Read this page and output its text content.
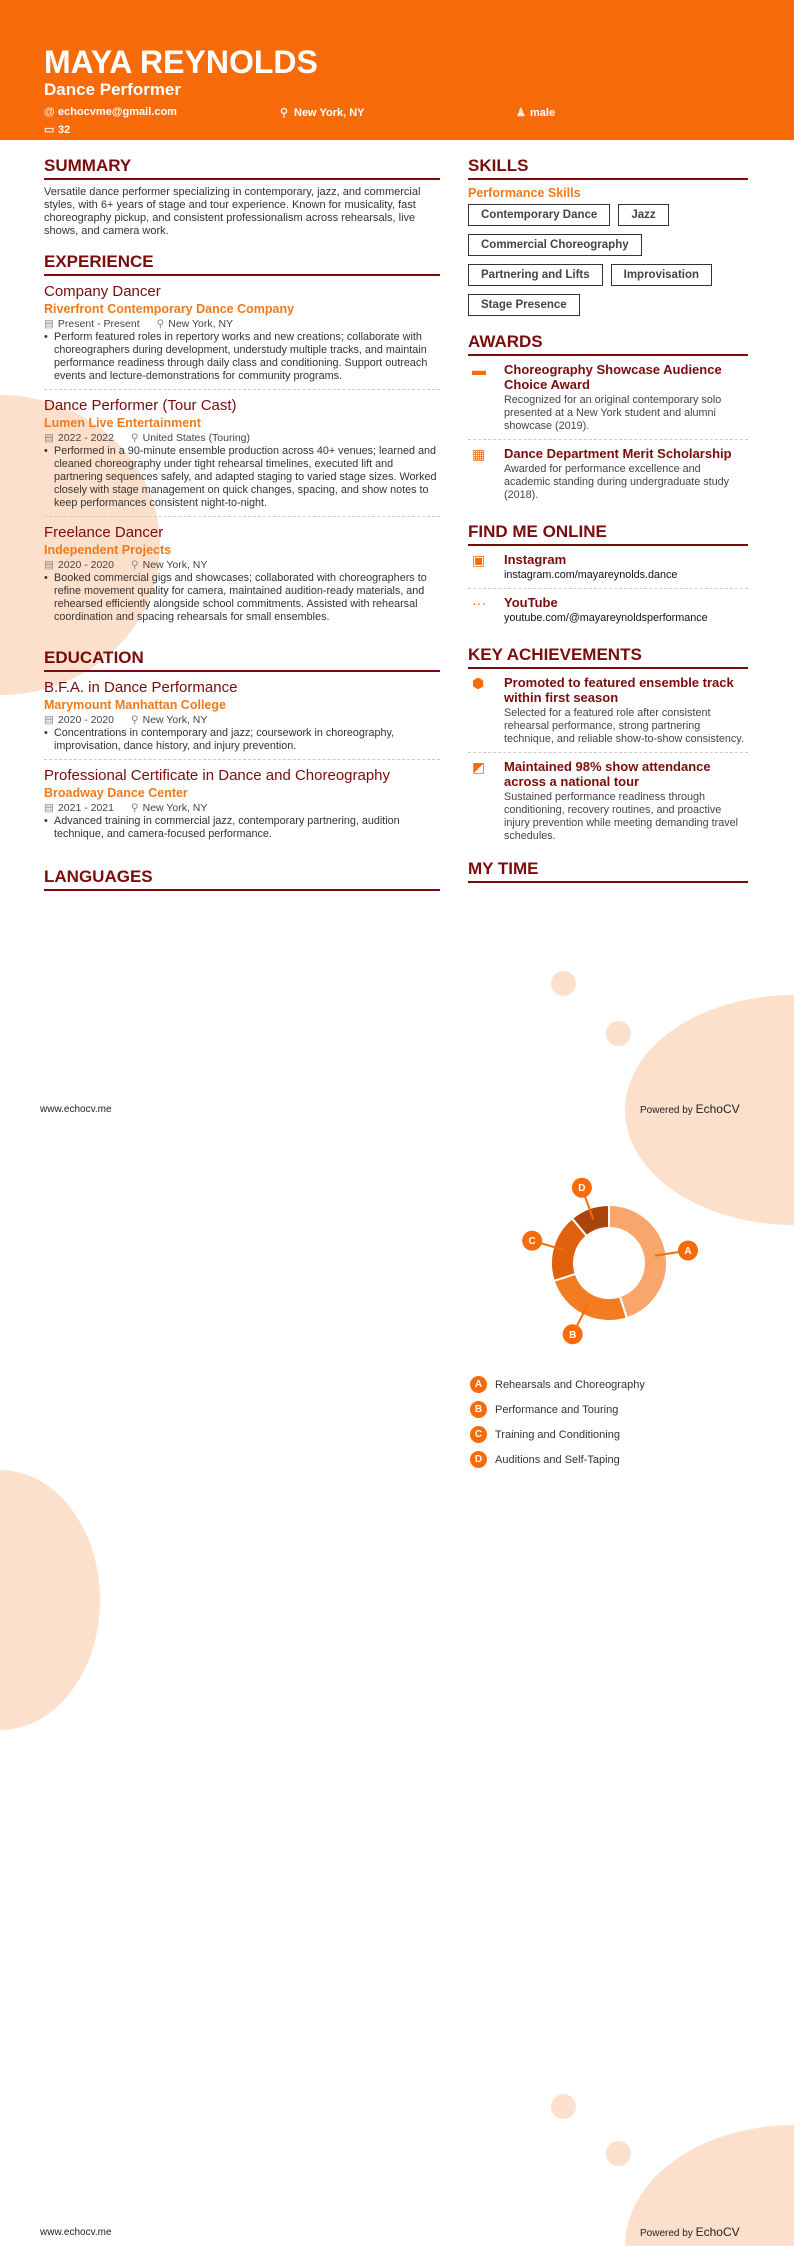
MAYA REYNOLDS
Dance Performer
@ echocvme@gmail.com	⚲ New York, NY	♟ male
▭ 32
SUMMARY
Versatile dance performer specializing in contemporary, jazz, and commercial styles, with 6+ years of stage and tour experience. Known for musicality, fast choreography pickup, and consistent professionalism across rehearsals, live shows, and camera work.
EXPERIENCE
Company Dancer
Riverfront Contemporary Dance Company
▤ Present - Present ⚲ New York, NY
• Perform featured roles in repertory works and new creations; collaborate with choreographers during development, understudy multiple tracks, and maintain performance readiness through daily class and conditioning. Support outreach events and lecture-demonstrations for community programs.
Dance Performer (Tour Cast)
Lumen Live Entertainment
▤ 2022 - 2022 ⚲ United States (Touring)
• Performed in a 90-minute ensemble production across 40+ venues; learned and cleaned choreography under tight rehearsal timelines, executed lift and partnering sequences safely, and adapted staging to varied stage sizes. Worked closely with stage management on quick changes, spacing, and show notes to keep performances consistent night-to-night.
Freelance Dancer
Independent Projects
▤ 2020 - 2020 ⚲ New York, NY
• Booked commercial gigs and showcases; collaborated with choreographers to refine movement quality for camera, maintained audition-ready materials, and rehearsed efficiently alongside school commitments. Assisted with rehearsal coordination and spacing rehearsals for small ensembles.
EDUCATION
B.F.A. in Dance Performance
Marymount Manhattan College
▤ 2020 - 2020 ⚲ New York, NY
• Concentrations in contemporary and jazz; coursework in choreography, improvisation, dance history, and injury prevention.
Professional Certificate in Dance and Choreography
Broadway Dance Center
▤ 2021 - 2021 ⚲ New York, NY
• Advanced training in commercial jazz, contemporary partnering, audition technique, and camera-focused performance.
LANGUAGES
SKILLS
Performance Skills
Contemporary Dance	Jazz
Commercial Choreography
Partnering and Lifts	Improvisation
Stage Presence
AWARDS
▬	Choreography Showcase Audience Choice Award
Recognized for an original contemporary solo presented at a New York student and alumni showcase (2019).
▦	Dance Department Merit Scholarship
Awarded for performance excellence and academic standing during undergraduate study (2018).
FIND ME ONLINE
▣	Instagram
instagram.com/mayareynolds.dance
···	YouTube
youtube.com/@mayareynoldsperformance
KEY ACHIEVEMENTS
⬢	Promoted to featured ensemble track within first season
Selected for a featured role after consistent rehearsal performance, strong partnering technique, and reliable show-to-show consistency.
◩	Maintained 98% show attendance across a national tour
Sustained performance readiness through conditioning, recovery routines, and proactive injury prevention while meeting demanding travel schedules.
MY TIME
www.echocv.me	Powered by EchoCV
www.echocv.me	Powered by EchoCV
A
B
C
D
A	Rehearsals and Choreography
B	Performance and Touring
C	Training and Conditioning
D	Auditions and Self-Taping
